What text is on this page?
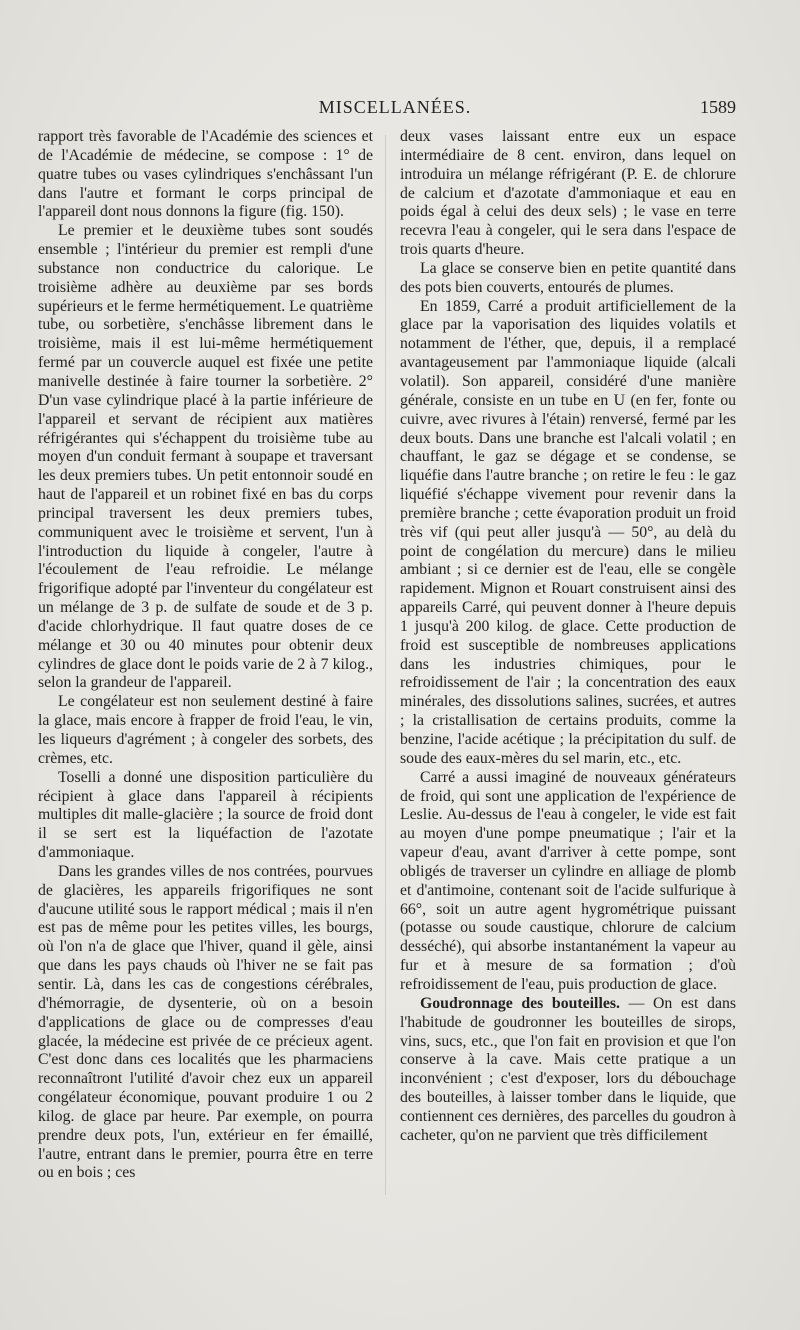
MISCELLANÉES.	1589

rapport très favorable de l'Académie des sciences et de l'Académie de médecine, se compose : 1° de quatre tubes ou vases cylindriques s'enchâssant l'un dans l'autre et formant le corps principal de l'appareil dont nous donnons la figure (fig. 150).

Le premier et le deuxième tubes sont soudés ensemble ; l'intérieur du premier est rempli d'une substance non conductrice du calorique. Le troisième adhère au deuxième par ses bords supérieurs et le ferme hermétiquement. Le quatrième tube, ou sorbetière, s'enchâsse librement dans le troisième, mais il est lui-même hermétiquement fermé par un couvercle auquel est fixée une petite manivelle destinée à faire tourner la sorbetière. 2° D'un vase cylindrique placé à la partie inférieure de l'appareil et servant de récipient aux matières réfrigérantes qui s'échappent du troisième tube au moyen d'un conduit fermant à soupape et traversant les deux premiers tubes. Un petit entonnoir soudé en haut de l'appareil et un robinet fixé en bas du corps principal traversent les deux premiers tubes, communiquent avec le troisième et servent, l'un à l'introduction du liquide à congeler, l'autre à l'écoulement de l'eau refroidie. Le mélange frigorifique adopté par l'inventeur du congélateur est un mélange de 3 p. de sulfate de soude et de 3 p. d'acide chlorhydrique. Il faut quatre doses de ce mélange et 30 ou 40 minutes pour obtenir deux cylindres de glace dont le poids varie de 2 à 7 kilog., selon la grandeur de l'appareil.

Le congélateur est non seulement destiné à faire la glace, mais encore à frapper de froid l'eau, le vin, les liqueurs d'agrément ; à congeler des sorbets, des crèmes, etc.

Toselli a donné une disposition particulière du récipient à glace dans l'appareil à récipients multiples dit malle-glacière ; la source de froid dont il se sert est la liquéfaction de l'azotate d'ammoniaque.

Dans les grandes villes de nos contrées, pourvues de glacières, les appareils frigorifiques ne sont d'aucune utilité sous le rapport médical ; mais il n'en est pas de même pour les petites villes, les bourgs, où l'on n'a de glace que l'hiver, quand il gèle, ainsi que dans les pays chauds où l'hiver ne se fait pas sentir. Là, dans les cas de congestions cérébrales, d'hémorragie, de dysenterie, où on a besoin d'applications de glace ou de compresses d'eau glacée, la médecine est privée de ce précieux agent. C'est donc dans ces localités que les pharmaciens reconnaîtront l'utilité d'avoir chez eux un appareil congélateur économique, pouvant produire 1 ou 2 kilog. de glace par heure. Par exemple, on pourra prendre deux pots, l'un, extérieur en fer émaillé, l'autre, entrant dans le premier, pourra être en terre ou en bois ; ces

deux vases laissant entre eux un espace intermédiaire de 8 cent. environ, dans lequel on introduira un mélange réfrigérant (P. E. de chlorure de calcium et d'azotate d'ammoniaque et eau en poids égal à celui des deux sels) ; le vase en terre recevra l'eau à congeler, qui le sera dans l'espace de trois quarts d'heure.

La glace se conserve bien en petite quantité dans des pots bien couverts, entourés de plumes.

En 1859, Carré a produit artificiellement de la glace par la vaporisation des liquides volatils et notamment de l'éther, que, depuis, il a remplacé avantageusement par l'ammoniaque liquide (alcali volatil). Son appareil, considéré d'une manière générale, consiste en un tube en U (en fer, fonte ou cuivre, avec rivures à l'étain) renversé, fermé par les deux bouts. Dans une branche est l'alcali volatil ; en chauffant, le gaz se dégage et se condense, se liquéfie dans l'autre branche ; on retire le feu : le gaz liquéfié s'échappe vivement pour revenir dans la première branche ; cette évaporation produit un froid très vif (qui peut aller jusqu'à — 50°, au delà du point de congélation du mercure) dans le milieu ambiant ; si ce dernier est de l'eau, elle se congèle rapidement. Mignon et Rouart construisent ainsi des appareils Carré, qui peuvent donner à l'heure depuis 1 jusqu'à 200 kilog. de glace. Cette production de froid est susceptible de nombreuses applications dans les industries chimiques, pour le refroidissement de l'air ; la concentration des eaux minérales, des dissolutions salines, sucrées, et autres ; la cristallisation de certains produits, comme la benzine, l'acide acétique ; la précipitation du sulf. de soude des eaux-mères du sel marin, etc., etc.

Carré a aussi imaginé de nouveaux générateurs de froid, qui sont une application de l'expérience de Leslie. Au-dessus de l'eau à congeler, le vide est fait au moyen d'une pompe pneumatique ; l'air et la vapeur d'eau, avant d'arriver à cette pompe, sont obligés de traverser un cylindre en alliage de plomb et d'antimoine, contenant soit de l'acide sulfurique à 66°, soit un autre agent hygrométrique puissant (potasse ou soude caustique, chlorure de calcium desséché), qui absorbe instantanément la vapeur au fur et à mesure de sa formation ; d'où refroidissement de l'eau, puis production de glace.

Goudronnage des bouteilles. — On est dans l'habitude de goudronner les bouteilles de sirops, vins, sucs, etc., que l'on fait en provision et que l'on conserve à la cave. Mais cette pratique a un inconvénient ; c'est d'exposer, lors du débouchage des bouteilles, à laisser tomber dans le liquide, que contiennent ces dernières, des parcelles du goudron à cacheter, qu'on ne parvient que très difficilement
